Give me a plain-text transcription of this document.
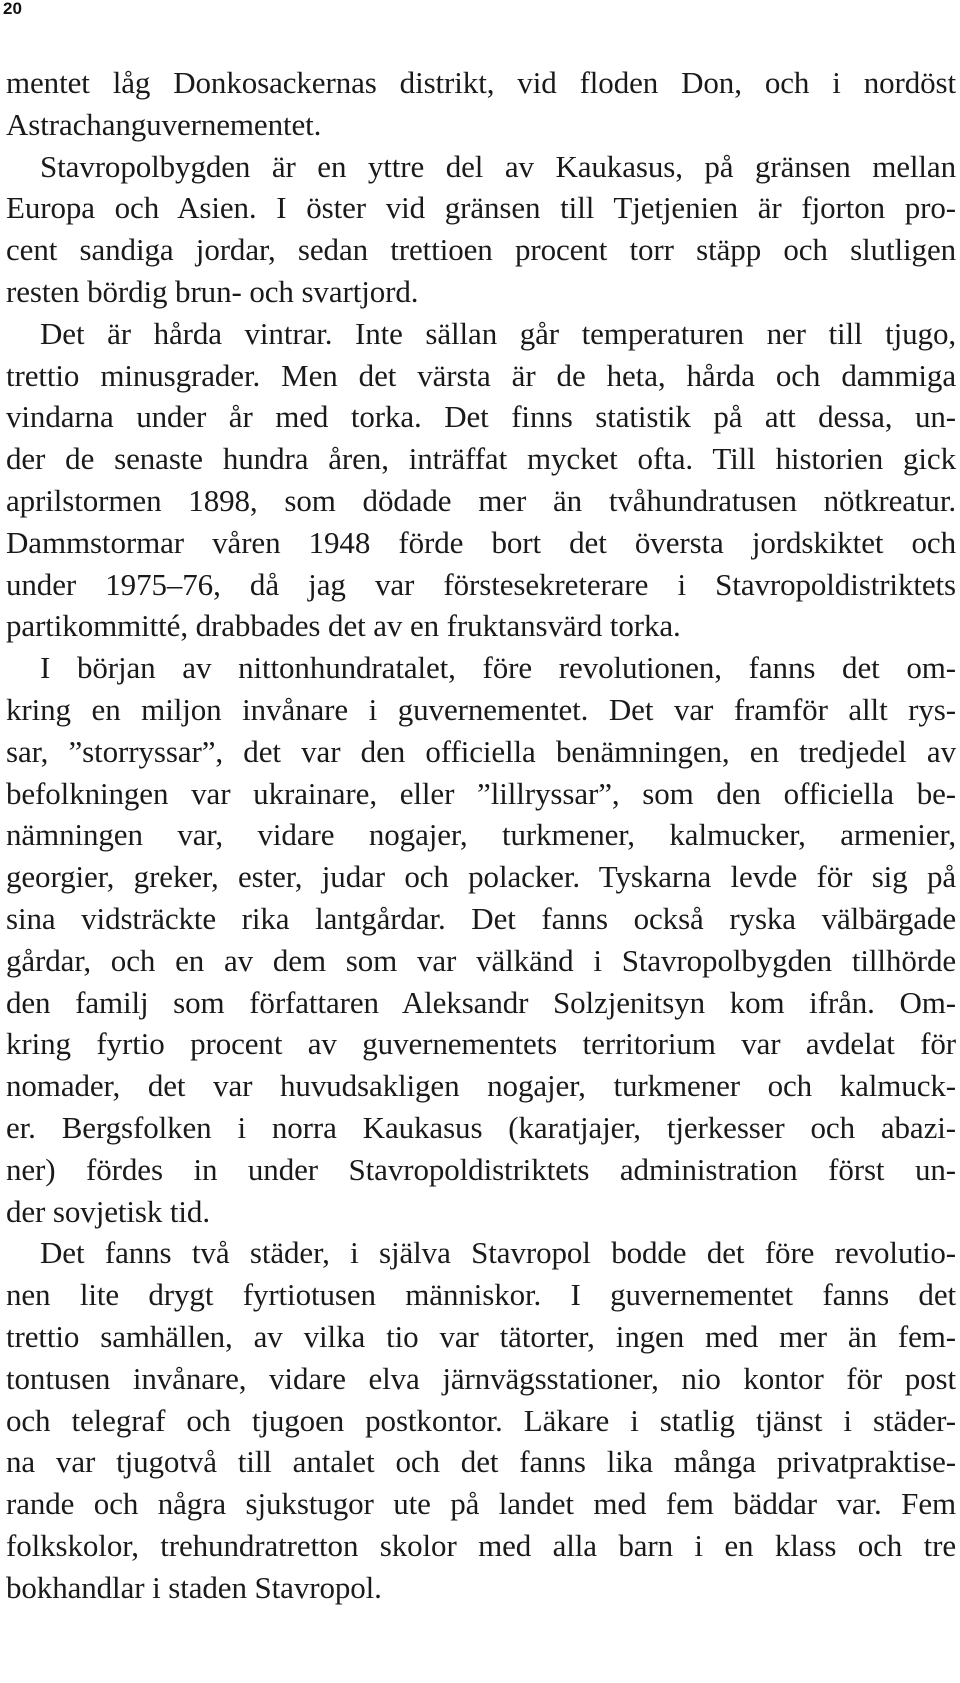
20
mentet låg Donkosackernas distrikt, vid floden Don, och i nordöst
Astrachanguvernementet.
Stavropolbygden är en yttre del av Kaukasus, på gränsen mellan
Europa och Asien. I öster vid gränsen till Tjetjenien är fjorton pro-
cent sandiga jordar, sedan trettioen procent torr stäpp och slutligen
resten bördig brun- och svartjord.
Det är hårda vintrar. Inte sällan går temperaturen ner till tjugo,
trettio minusgrader. Men det värsta är de heta, hårda och dammiga
vindarna under år med torka. Det finns statistik på att dessa, un-
der de senaste hundra åren, inträffat mycket ofta. Till historien gick
aprilstormen 1898, som dödade mer än tvåhundratusen nötkreatur.
Dammstormar våren 1948 förde bort det översta jordskiktet och
under 1975–76, då jag var förstesekreterare i Stavropoldistriktets
partikommitté, drabbades det av en fruktansvärd torka.
I början av nittonhundratalet, före revolutionen, fanns det om-
kring en miljon invånare i guvernementet. Det var framför allt rys-
sar, ”storryssar”, det var den officiella benämningen, en tredjedel av
befolkningen var ukrainare, eller ”lillryssar”, som den officiella be-
nämningen var, vidare nogajer, turkmener, kalmucker, armenier,
georgier, greker, ester, judar och polacker. Tyskarna levde för sig på
sina vidsträckte rika lantgårdar. Det fanns också ryska välbärgade
gårdar, och en av dem som var välkänd i Stavropolbygden tillhörde
den familj som författaren Aleksandr Solzjenitsyn kom ifrån. Om-
kring fyrtio procent av guvernementets territorium var avdelat för
nomader, det var huvudsakligen nogajer, turkmener och kalmuck-
er. Bergsfolken i norra Kaukasus (karatjajer, tjerkesser och abazi-
ner) fördes in under Stavropoldistriktets administration först un-
der sovjetisk tid.
Det fanns två städer, i själva Stavropol bodde det före revolutio-
nen lite drygt fyrtiotusen människor. I guvernementet fanns det
trettio samhällen, av vilka tio var tätorter, ingen med mer än fem-
tontusen invånare, vidare elva järnvägsstationer, nio kontor för post
och telegraf och tjugoen postkontor. Läkare i statlig tjänst i städer-
na var tjugotvå till antalet och det fanns lika många privatpraktise-
rande och några sjukstugor ute på landet med fem bäddar var. Fem
folkskolor, trehundratretton skolor med alla barn i en klass och tre
bokhandlar i staden Stavropol.
